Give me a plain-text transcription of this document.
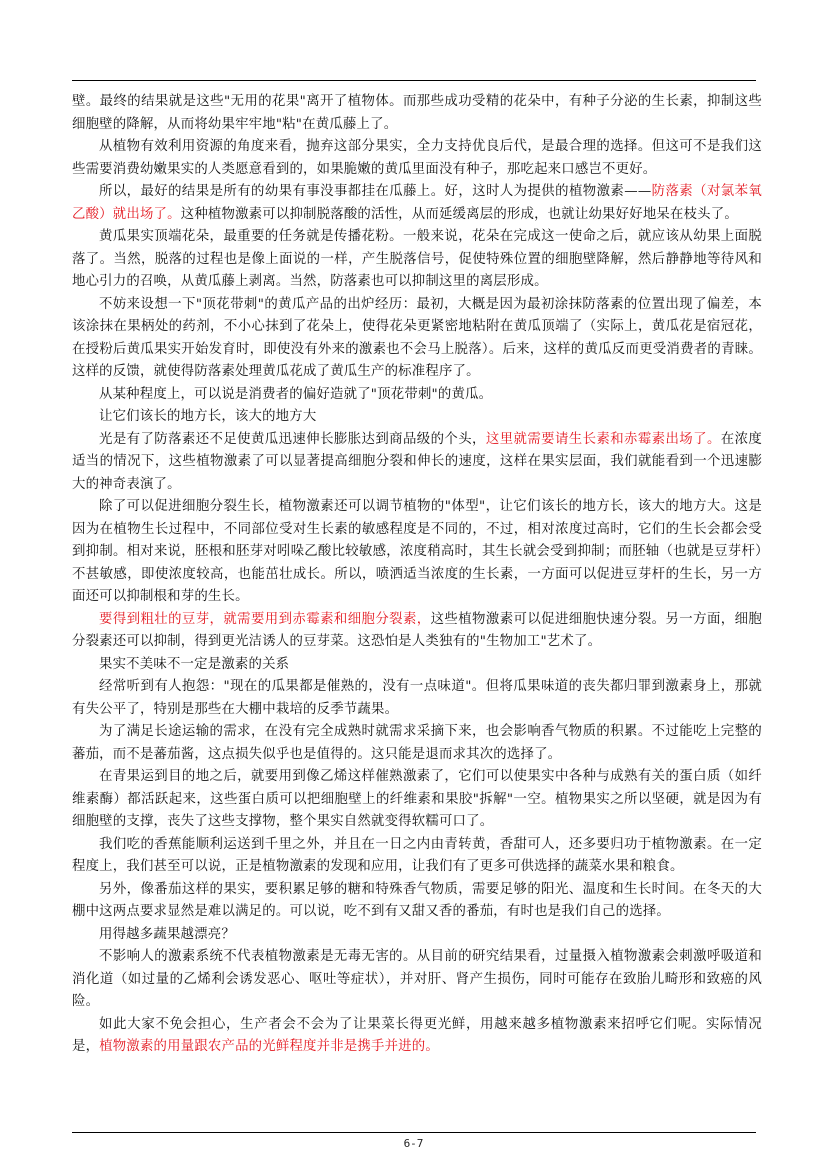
壁。最终的结果就是这些"无用的花果"离开了植物体。而那些成功受精的花朵中，有种子分泌的生长素，抑制这些细胞壁的降解，从而将幼果牢牢地"粘"在黄瓜藤上了。

从植物有效利用资源的角度来看，抛弃这部分果实，全力支持优良后代，是最合理的选择。但这可不是我们这些需要消费幼嫩果实的人类愿意看到的，如果脆嫩的黄瓜里面没有种子，那吃起来口感岂不更好。

所以，最好的结果是所有的幼果有事没事都挂在瓜藤上。好，这时人为提供的植物激素——防落素（对氯苯氧乙酸）就出场了。这种植物激素可以抑制脱落酸的活性，从而延缓离层的形成，也就让幼果好好地呆在枝头了。

黄瓜果实顶端花朵，最重要的任务就是传播花粉。一般来说，花朵在完成这一使命之后，就应该从幼果上面脱落了。当然，脱落的过程也是像上面说的一样，产生脱落信号，促使特殊位置的细胞壁降解，然后静静地等待风和地心引力的召唤，从黄瓜藤上剥离。当然，防落素也可以抑制这里的离层形成。

不妨来设想一下"顶花带刺"的黄瓜产品的出炉经历：最初，大概是因为最初涂抹防落素的位置出现了偏差，本该涂抹在果柄处的药剂，不小心抹到了花朵上，使得花朵更紧密地粘附在黄瓜顶端了（实际上，黄瓜花是宿冠花，在授粉后黄瓜果实开始发育时，即使没有外来的激素也不会马上脱落）。后来，这样的黄瓜反而更受消费者的青睐。这样的反馈，就使得防落素处理黄瓜花成了黄瓜生产的标准程序了。

从某种程度上，可以说是消费者的偏好造就了"顶花带刺"的黄瓜。

让它们该长的地方长，该大的地方大

光是有了防落素还不足使黄瓜迅速伸长膨胀达到商品级的个头，这里就需要请生长素和赤霉素出场了。在浓度适当的情况下，这些植物激素了可以显著提高细胞分裂和伸长的速度，这样在果实层面，我们就能看到一个迅速膨大的神奇表演了。

除了可以促进细胞分裂生长，植物激素还可以调节植物的"体型"，让它们该长的地方长，该大的地方大。这是因为在植物生长过程中，不同部位受对生长素的敏感程度是不同的，不过，相对浓度过高时，它们的生长会都会受到抑制。相对来说，胚根和胚芽对吲哚乙酸比较敏感，浓度稍高时，其生长就会受到抑制；而胚轴（也就是豆芽杆）不甚敏感，即使浓度较高，也能茁壮成长。所以，喷洒适当浓度的生长素，一方面可以促进豆芽杆的生长，另一方面还可以抑制根和芽的生长。

要得到粗壮的豆芽，就需要用到赤霉素和细胞分裂素，这些植物激素可以促进细胞快速分裂。另一方面，细胞分裂素还可以抑制，得到更光洁诱人的豆芽菜。这恐怕是人类独有的"生物加工"艺术了。

果实不美味不一定是激素的关系

经常听到有人抱怨："现在的瓜果都是催熟的，没有一点味道"。但将瓜果味道的丧失都归罪到激素身上，那就有失公平了，特别是那些在大棚中栽培的反季节蔬果。

为了满足长途运输的需求，在没有完全成熟时就需求采摘下来，也会影响香气物质的积累。不过能吃上完整的蕃茄，而不是蕃茄酱，这点损失似乎也是值得的。这只能是退而求其次的选择了。

在青果运到目的地之后，就要用到像乙烯这样催熟激素了，它们可以使果实中各种与成熟有关的蛋白质（如纤维素酶）都活跃起来，这些蛋白质可以把细胞壁上的纤维素和果胶"拆解"一空。植物果实之所以坚硬，就是因为有细胞壁的支撑，丧失了这些支撑物，整个果实自然就变得软糯可口了。

我们吃的香蕉能顺利运送到千里之外，并且在一日之内由青转黄，香甜可人，还多要归功于植物激素。在一定程度上，我们甚至可以说，正是植物激素的发现和应用，让我们有了更多可供选择的蔬菜水果和粮食。

另外，像番茄这样的果实，要积累足够的糖和特殊香气物质，需要足够的阳光、温度和生长时间。在冬天的大棚中这两点要求显然是难以满足的。可以说，吃不到有又甜又香的番茄，有时也是我们自己的选择。

用得越多蔬果越漂亮？

不影响人的激素系统不代表植物激素是无毒无害的。从目前的研究结果看，过量摄入植物激素会刺激呼吸道和消化道（如过量的乙烯利会诱发恶心、呕吐等症状），并对肝、肾产生损伤，同时可能存在致胎儿畸形和致癌的风险。

如此大家不免会担心，生产者会不会为了让果菜长得更光鲜，用越来越多植物激素来招呼它们呢。实际情况是，植物激素的用量跟农产品的光鲜程度并非是携手并进的。

6-7
